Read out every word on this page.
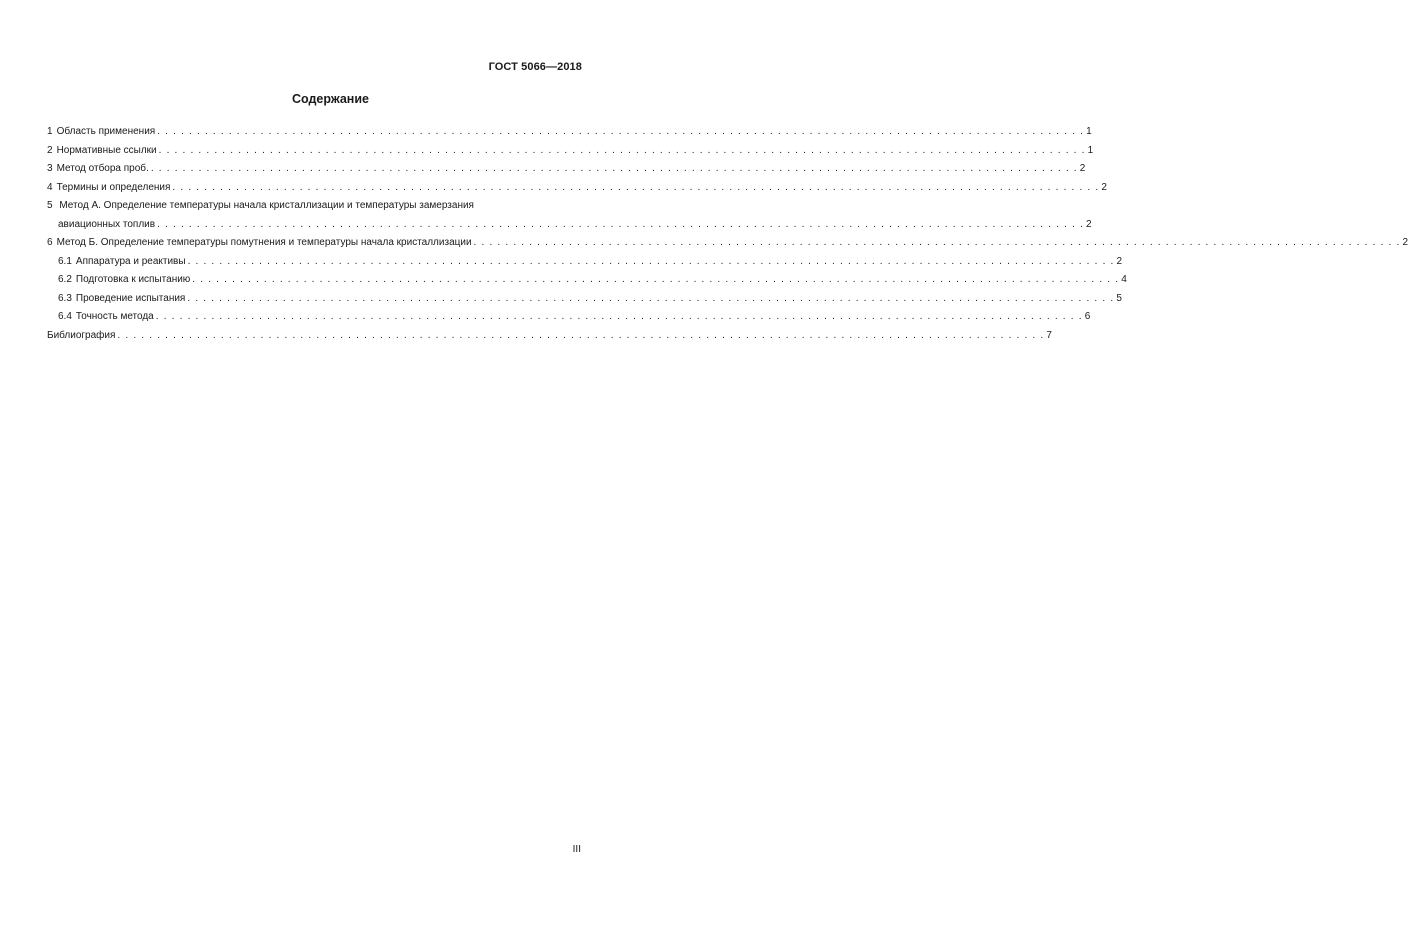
ГОСТ 5066—2018
Содержание
1 Область применения . . . . . . . . . . . . . . . . . . . . . . . . . . . . . . . . . . . . . . . . . . . . . . . . . . . . . . . . . . . . . . . . . . . . . . . . . . . . . . . . . . . . . . . . . . . . . . . . . . . . . . . . . . . . . . . . . . . . . 1
2 Нормативные ссылки . . . . . . . . . . . . . . . . . . . . . . . . . . . . . . . . . . . . . . . . . . . . . . . . . . . . . . . . . . . . . . . . . . . . . . . . . . . . . . . . . . . . . . . . . . . . . . . . . . . . . . . . . . . . . . . . . . . . . 1
3 Метод отбора проб. . . . . . . . . . . . . . . . . . . . . . . . . . . . . . . . . . . . . . . . . . . . . . . . . . . . . . . . . . . . . . . . . . . . . . . . . . . . . . . . . . . . . . . . . . . . . . . . . . . . . . . . . . . . . . . . . . . . . . 2
4 Термины и определения . . . . . . . . . . . . . . . . . . . . . . . . . . . . . . . . . . . . . . . . . . . . . . . . . . . . . . . . . . . . . . . . . . . . . . . . . . . . . . . . . . . . . . . . . . . . . . . . . . . . . . . . . . . . . . . . . . . . . 2
5 Метод А. Определение температуры начала кристаллизации и температуры замерзания
авиационных топлив . . . . . . . . . . . . . . . . . . . . . . . . . . . . . . . . . . . . . . . . . . . . . . . . . . . . . . . . . . . . . . . . . . . . . . . . . . . . . . . . . . . . . . . . . . . . . . . . . . . . . . . . . . . . . . . . . . . . . 2
6 Метод Б. Определение температуры помутнения и температуры начала кристаллизации . . . . . . . . . . . . . . . . . . . . . . . . . . . . . . . . . . . . . . . . . . . . . . . . . . . . . . . . . . . . . . . . . . . . . . . . . . . . . . . . . . . . . . . . . . . . . . . . . . . . . . . . . . . . . . . . . . . . . 2
6.1 Аппаратура и реактивы . . . . . . . . . . . . . . . . . . . . . . . . . . . . . . . . . . . . . . . . . . . . . . . . . . . . . . . . . . . . . . . . . . . . . . . . . . . . . . . . . . . . . . . . . . . . . . . . . . . . . . . . . . . . . . . . . . . . . 2
6.2 Подготовка к испытанию . . . . . . . . . . . . . . . . . . . . . . . . . . . . . . . . . . . . . . . . . . . . . . . . . . . . . . . . . . . . . . . . . . . . . . . . . . . . . . . . . . . . . . . . . . . . . . . . . . . . . . . . . . . . . . . . . . . . . 4
6.3 Проведение испытания . . . . . . . . . . . . . . . . . . . . . . . . . . . . . . . . . . . . . . . . . . . . . . . . . . . . . . . . . . . . . . . . . . . . . . . . . . . . . . . . . . . . . . . . . . . . . . . . . . . . . . . . . . . . . . . . . . . . . 5
6.4 Точность метода . . . . . . . . . . . . . . . . . . . . . . . . . . . . . . . . . . . . . . . . . . . . . . . . . . . . . . . . . . . . . . . . . . . . . . . . . . . . . . . . . . . . . . . . . . . . . . . . . . . . . . . . . . . . . . . . . . . . . 6
Библиография . . . . . . . . . . . . . . . . . . . . . . . . . . . . . . . . . . . . . . . . . . . . . . . . . . . . . . . . . . . . . . . . . . . . . . . . . . . . . . . . . . . . . . . . . . . . . . . . . . . . . . . . . . . . . . . . . . . . . 7
III
